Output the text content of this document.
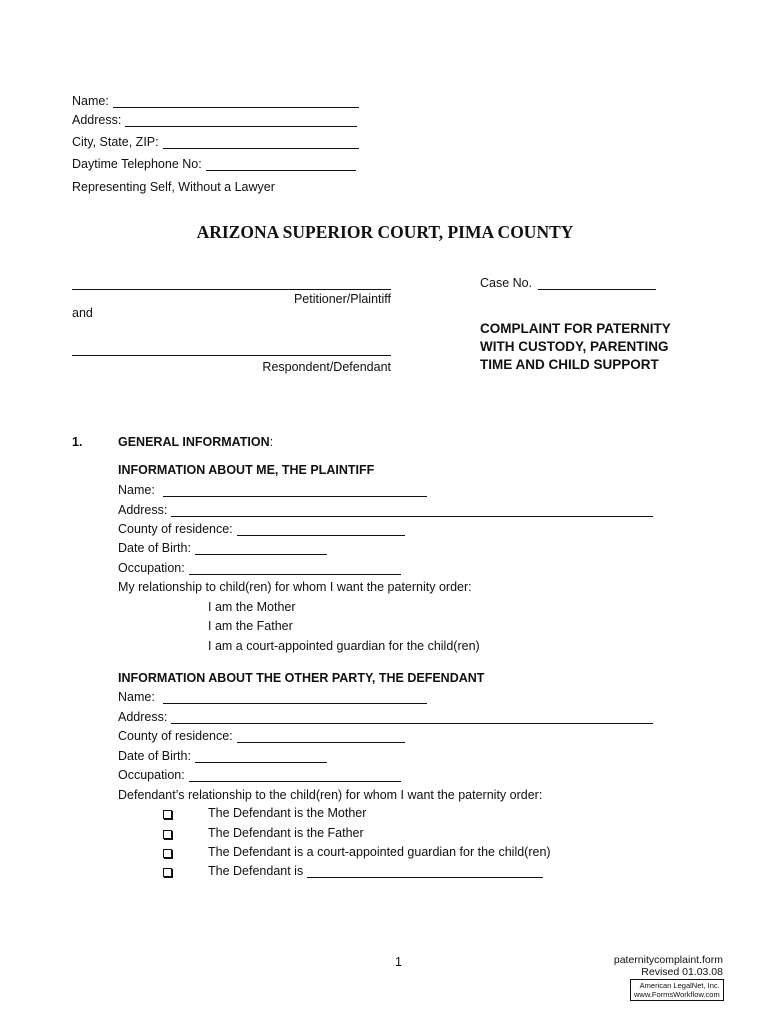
Name:
Address:
City, State, ZIP:
Daytime Telephone No:
Representing Self, Without a Lawyer
ARIZONA SUPERIOR COURT, PIMA COUNTY
Petitioner/Plaintiff
and
Respondent/Defendant
Case No.
COMPLAINT FOR PATERNITY
WITH CUSTODY, PARENTING
TIME AND CHILD SUPPORT
1.	GENERAL INFORMATION:
INFORMATION ABOUT ME, THE PLAINTIFF
Name:
Address:
County of residence:
Date of Birth:
Occupation:
My relationship to child(ren) for whom I want the paternity order:
I am the Mother
I am the Father
I am a court-appointed guardian for the child(ren)
INFORMATION ABOUT THE OTHER PARTY, THE DEFENDANT
Name:
Address:
County of residence:
Date of Birth:
Occupation:
Defendant’s relationship to the child(ren) for whom I want the paternity order:
The Defendant is the Mother
The Defendant is the Father
The Defendant is a court-appointed guardian for the child(ren)
The Defendant is
1	paternitycomplaint.form
Revised 01.03.08
American LegalNet, Inc.
www.FormsWorkflow.com
